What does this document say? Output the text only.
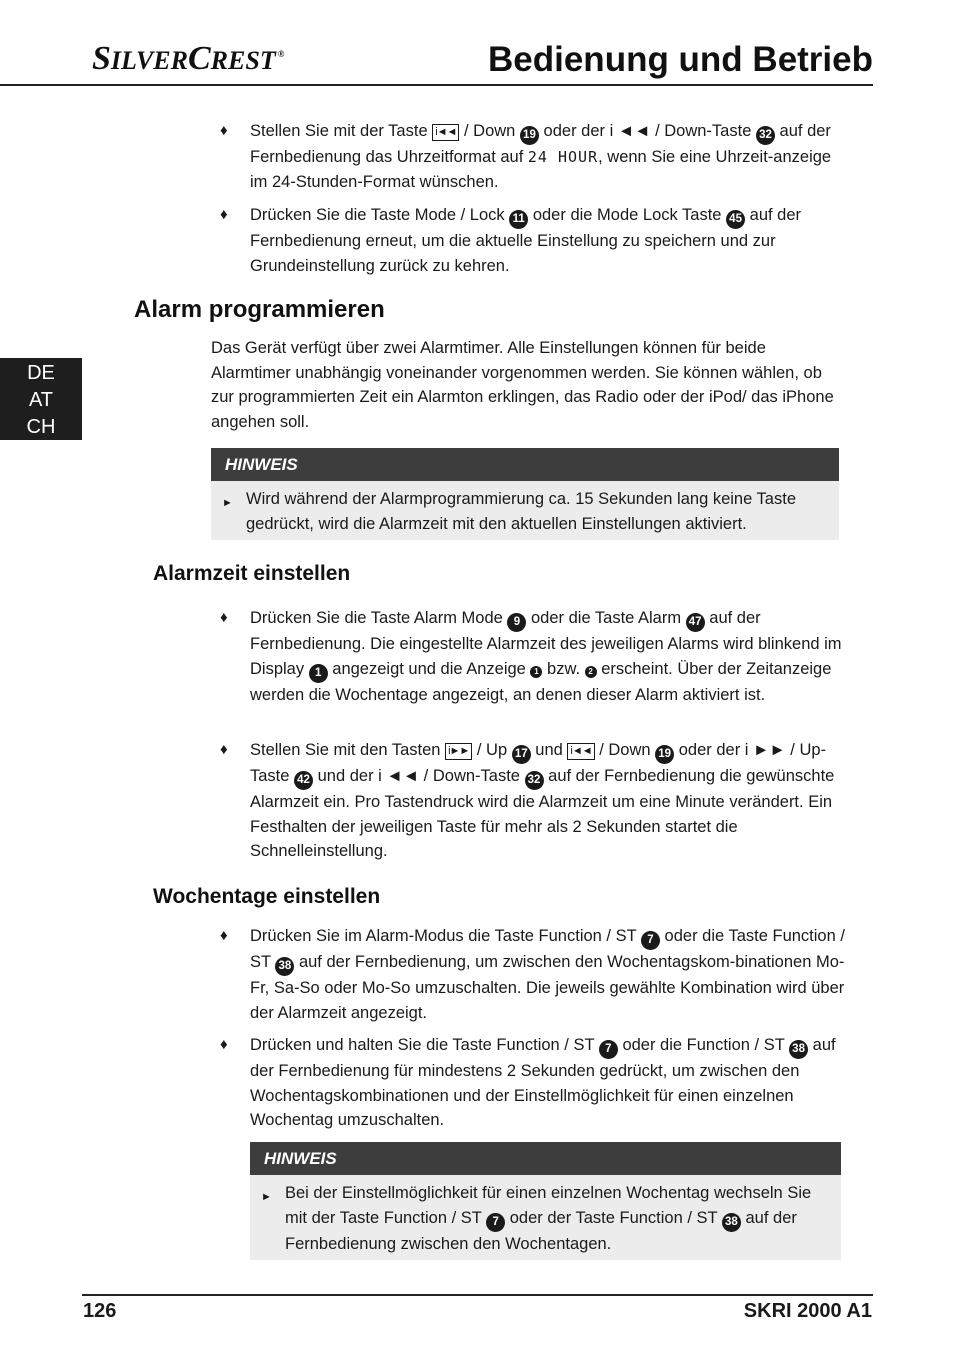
SILVERCREST ®	Bedienung und Betrieb
DE
AT
CH
♦ Stellen Sie mit der Taste i◄◄ / Down 19 oder der i ◄◄ / Down-Taste 32 auf der Fernbedienung das Uhrzeitformat auf 24 HOUR, wenn Sie eine Uhrzeit-anzeige im 24-Stunden-Format wünschen.
♦ Drücken Sie die Taste Mode / Lock 11 oder die Mode Lock Taste 45 auf der Fernbedienung erneut, um die aktuelle Einstellung zu speichern und zur Grundeinstellung zurück zu kehren.
Alarm programmieren
Das Gerät verfügt über zwei Alarmtimer. Alle Einstellungen können für beide Alarmtimer unabhängig voneinander vorgenommen werden. Sie können wählen, ob zur programmierten Zeit ein Alarmton erklingen, das Radio oder der iPod/ das iPhone angehen soll.
HINWEIS
► Wird während der Alarmprogrammierung ca. 15 Sekunden lang keine Taste gedrückt, wird die Alarmzeit mit den aktuellen Einstellungen aktiviert.
Alarmzeit einstellen
♦ Drücken Sie die Taste Alarm Mode 9 oder die Taste Alarm 47 auf der Fernbedienung. Die eingestellte Alarmzeit des jeweiligen Alarms wird blinkend im Display 1 angezeigt und die Anzeige 1 bzw. 2 erscheint. Über der Zeitanzeige werden die Wochentage angezeigt, an denen dieser Alarm aktiviert ist.
♦ Stellen Sie mit den Tasten i►► / Up 17 und i◄◄ / Down 19 oder der i ►► / Up-Taste 42 und der i ◄◄ / Down-Taste 32 auf der Fernbedienung die gewünschte Alarmzeit ein. Pro Tastendruck wird die Alarmzeit um eine Minute verändert. Ein Festhalten der jeweiligen Taste für mehr als 2 Sekunden startet die Schnelleinstellung.
Wochentage einstellen
♦ Drücken Sie im Alarm-Modus die Taste Function / ST 7 oder die Taste Function / ST 38 auf der Fernbedienung, um zwischen den Wochentagskom-binationen Mo-Fr, Sa-So oder Mo-So umzuschalten. Die jeweils gewählte Kombination wird über der Alarmzeit angezeigt.
♦ Drücken und halten Sie die Taste Function / ST 7 oder die Function / ST 38 auf der Fernbedienung für mindestens 2 Sekunden gedrückt, um zwischen den Wochentagskombinationen und der Einstellmöglichkeit für einen einzelnen Wochentag umzuschalten.
HINWEIS
► Bei der Einstellmöglichkeit für einen einzelnen Wochentag wechseln Sie mit der Taste Function / ST 7 oder der Taste Function / ST 38 auf der Fernbedienung zwischen den Wochentagen.
126	SKRI 2000 A1
